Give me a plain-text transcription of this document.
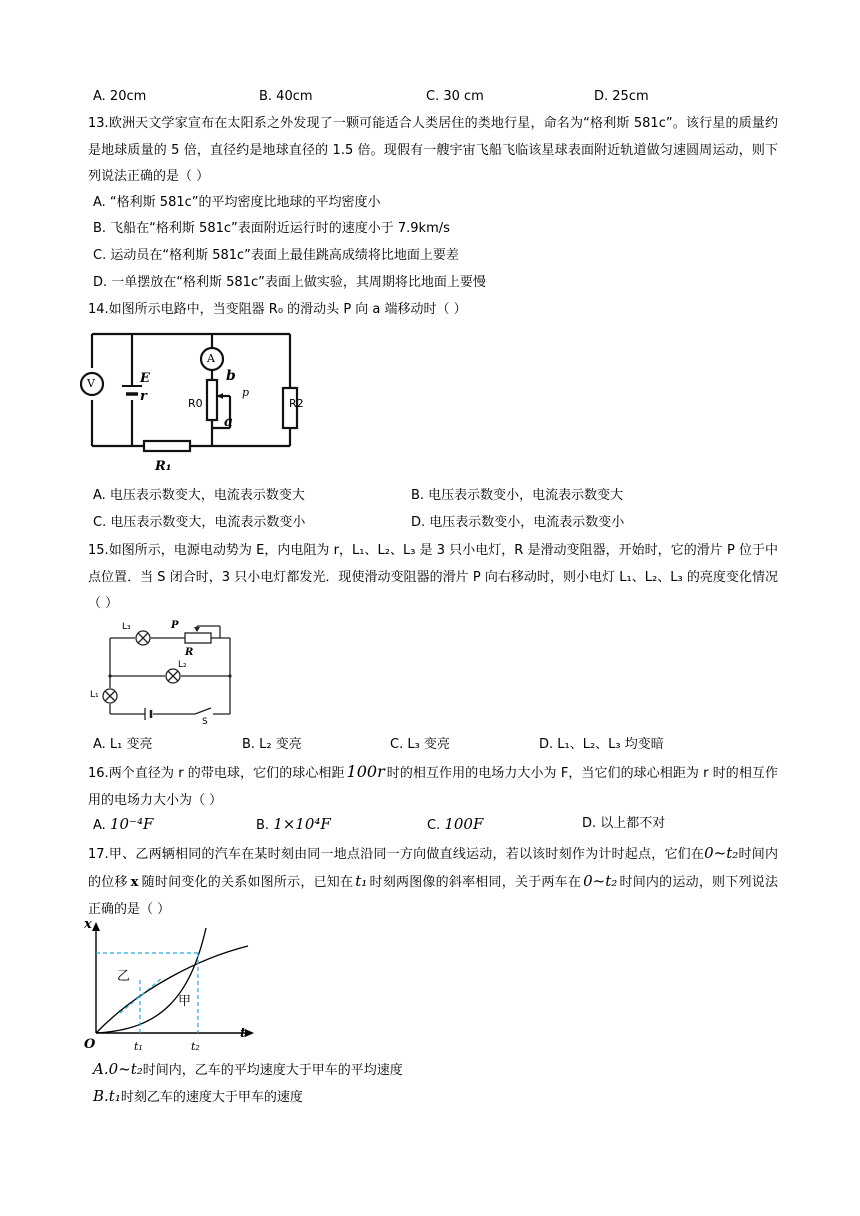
A. 20cm	B. 40cm	C. 30 cm	D. 25cm
13.欧洲天文学家宣布在太阳系之外发现了一颗可能适合人类居住的类地行星，命名为“格利斯 581c”。该行星的质量约是地球质量的 5 倍，直径约是地球直径的 1.5 倍。现假有一艘宇宙飞船飞临该星球表面附近轨道做匀速圆周运动，则下列说法正确的是（ ）
A. “格利斯 581c”的平均密度比地球的平均密度小
B. 飞船在“格利斯 581c”表面附近运行时的速度小于 7.9km/s
C. 运动员在“格利斯 581c”表面上最佳跳高成绩将比地面上要差
D. 一单摆放在“格利斯 581c”表面上做实验，其周期将比地面上要慢
14.如图所示电路中，当变阻器 R₀ 的滑动头 P 向 a 端移动时（ ）
V	E
r
A
b
R0
p
a
R2
R₁
A. 电压表示数变大，电流表示数变大	B. 电压表示数变小，电流表示数变大
C. 电压表示数变大，电流表示数变小	D. 电压表示数变小，电流表示数变小
15.如图所示，电源电动势为 E，内电阻为 r，L₁、L₂、L₃ 是 3 只小电灯，R 是滑动变阻器，开始时，它的滑片 P 位于中点位置．当 S 闭合时，3 只小电灯都发光．现使滑动变阻器的滑片 P 向右移动时，则小电灯 L₁、L₂、L₃ 的亮度变化情况（ ）
L₃	P
R
L₂
L₁
S
A. L₁ 变亮	B. L₂ 变亮	C. L₃ 变亮	D. L₁、L₂、L₃ 均变暗
16.两个直径为 r 的带电球，它们的球心相距 100r 时的相互作用的电场力大小为 F，当它们的球心相距为 r 时的相互作用的电场力大小为（ ）
A. 10⁻⁴F	B. 1×10⁴F	C. 100F	D. 以上都不对
17.甲、乙两辆相同的汽车在某时刻由同一地点沿同一方向做直线运动，若以该时刻作为计时起点，它们在0~t₂时间内的位移 x 随时间变化的关系如图所示，已知在 t₁ 时刻两图像的斜率相同，关于两车在 0~t₂ 时间内的运动，则下列说法正确的是（ ）
x
t
O	t₁	t₂
乙
甲
A.0~t₂时间内，乙车的平均速度大于甲车的平均速度
B.t₁时刻乙车的速度大于甲车的速度
